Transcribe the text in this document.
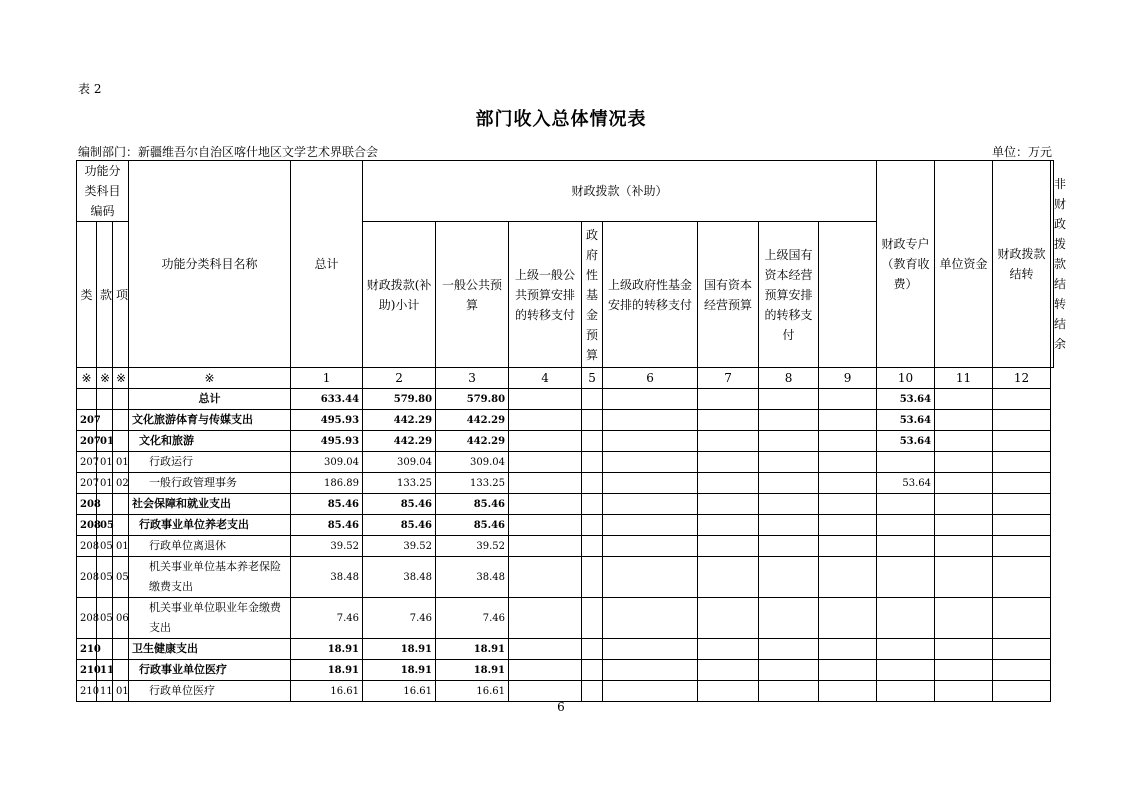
表 2
部门收入总体情况表
编制部门：新疆维吾尔自治区喀什地区文学艺术界联合会	单位：万元
功能分类科目编码			功能分类科目名称	总计	财政拨款（补助）								财政专户（教育收费）	单位资金	财政拨款结转	非财政拨款结转结余
类	款	项			财政拨款(补助)小计	一般公共预算	上级一般公共预算安排的转移支付	政府性基金预算	上级政府性基金安排的转移支付	国有资本经营预算	上级国有资本经营预算安排的转移支付					
※	※	※	※	1	2	3	4	5	6	7	8	9	10	11	12	
			总计	633.44	579.80	579.80							53.64			
207			文化旅游体育与传媒支出	495.93	442.29	442.29							53.64			
207	01		文化和旅游	495.93	442.29	442.29							53.64			
207	01	01	行政运行	309.04	309.04	309.04										
207	01	02	一般行政管理事务	186.89	133.25	133.25							53.64			
208			社会保障和就业支出	85.46	85.46	85.46										
208	05		行政事业单位养老支出	85.46	85.46	85.46										
208	05	01	行政单位离退休	39.52	39.52	39.52										
208	05	05	机关事业单位基本养老保险缴费支出	38.48	38.48	38.48										
208	05	06	机关事业单位职业年金缴费支出	7.46	7.46	7.46										
210			卫生健康支出	18.91	18.91	18.91										
210	11		行政事业单位医疗	18.91	18.91	18.91										
210	11	01	行政单位医疗	16.61	16.61	16.61										
6
